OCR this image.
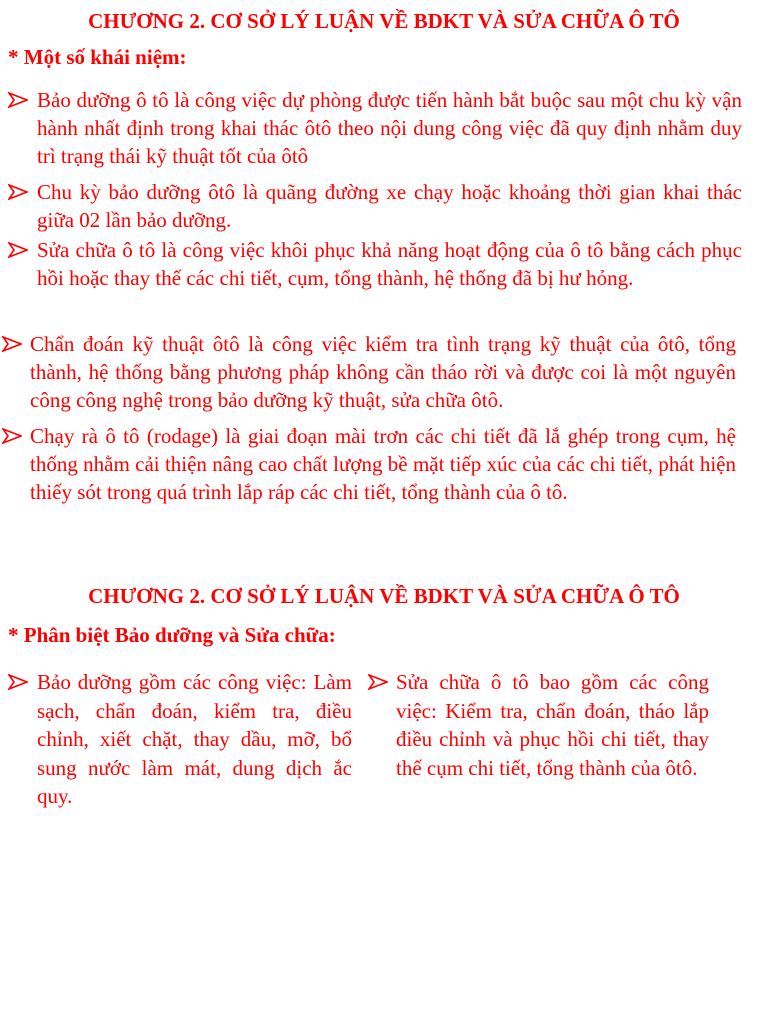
CHƯƠNG 2. CƠ SỞ LÝ LUẬN VỀ BDKT VÀ SỬA CHỮA Ô TÔ
* Một số khái niệm:
Bảo dưỡng ô tô là công việc dự phòng được tiến hành bắt buộc sau một chu kỳ vận hành nhất định trong khai thác ôtô theo nội dung công việc đã quy định nhằm duy trì trạng thái kỹ thuật tốt của ôtô
Chu kỳ bảo dưỡng ôtô là quãng đường xe chạy hoặc khoảng thời gian khai thác giữa 02 lần bảo dưỡng.
Sửa chữa ô tô là công việc khôi phục khả năng hoạt động của ô tô bằng cách phục hồi hoặc thay thế các chi tiết, cụm, tổng thành, hệ thống đã bị hư hỏng.
Chẩn đoán kỹ thuật ôtô là công việc kiểm tra tình trạng kỹ thuật của ôtô, tổng thành, hệ thống bằng phương pháp không cần tháo rời và được coi là một nguyên công công nghệ trong bảo dưỡng kỹ thuật, sửa chữa ôtô.
Chạy rà ô tô (rodage) là giai đoạn mài trơn các chi tiết đã lắ ghép trong cụm, hệ thống nhằm cải thiện nâng cao chất lượng bề mặt tiếp xúc của các chi tiết, phát hiện thiếy sót trong quá trình lắp ráp các chi tiết, tổng thành của ô tô.
CHƯƠNG 2. CƠ SỞ LÝ LUẬN VỀ BDKT VÀ SỬA CHỮA Ô TÔ
* Phân biệt Bảo dưỡng và Sửa chữa:
Bảo dưỡng gồm các công việc: Làm sạch, chẩn đoán, kiểm tra, điều chỉnh, xiết chặt, thay dầu, mỡ, bổ sung nước làm mát, dung dịch ắc quy.
Sửa chữa ô tô bao gồm các công việc: Kiểm tra, chẩn đoán, tháo lắp điều chỉnh và phục hồi chi tiết, thay thế cụm chi tiết, tổng thành của ôtô.
